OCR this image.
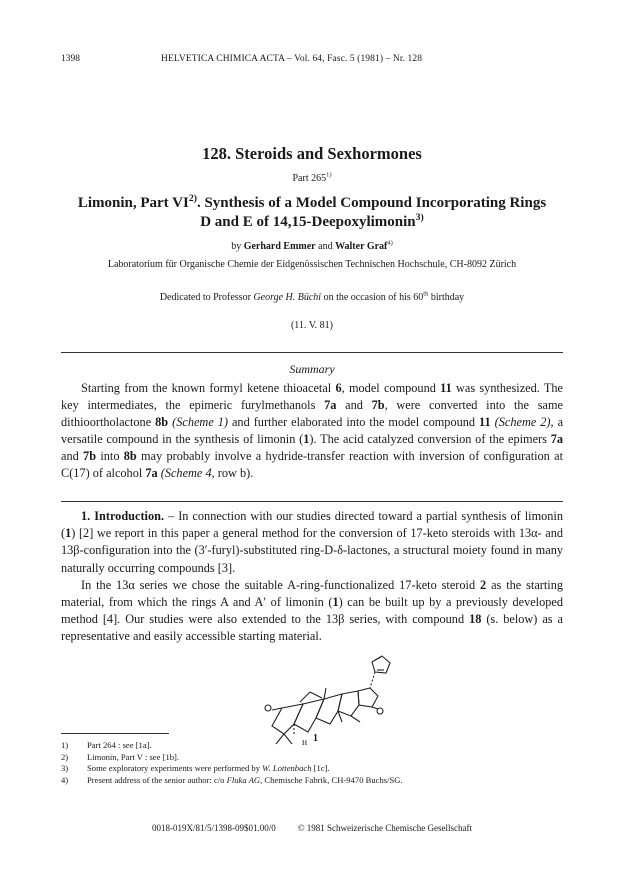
1398	HELVETICA CHIMICA ACTA – Vol. 64, Fasc. 5 (1981) – Nr. 128
128. Steroids and Sexhormones
Part 265$^{1)}$
Limonin, Part VI$^{2)}$. Synthesis of a Model Compound Incorporating Rings
D and E of 14,15-Deepoxylimonin$^{3)}$
by Gerhard Emmer and Walter Graf$^{4)}$
Laboratorium für Organische Chemie der Eidgenössischen Technischen Hochschule, CH-8092 Zürich
Dedicated to Professor George H. Büchi on the occasion of his 60th birthday
(11. V. 81)
Summary
Starting from the known formyl ketene thioacetal 6, model compound 11 was synthesized. The key intermediates, the epimeric furylmethanols 7a and 7b, were converted into the same dithioortholactone 8b (Scheme 1) and further elaborated into the model compound 11 (Scheme 2), a versatile compound in the synthesis of limonin (1). The acid catalyzed conversion of the epimers 7a and 7b into 8b may probably involve a hydride-transfer reaction with inversion of configuration at C(17) of alcohol 7a (Scheme 4, row b).

1. Introduction. – In connection with our studies directed toward a partial synthesis of limonin (1) [2] we report in this paper a general method for the conversion of 17-keto steroids with 13α- and 13β-configuration into the (3′-furyl)-substituted ring-D-δ-lactones, a structural moiety found in many naturally occurring compounds [3].

In the 13α series we chose the suitable A-ring-functionalized 17-keto steroid 2 as the starting material, from which the rings A and A′ of limonin (1) can be built up by a previously developed method [4]. Our studies were also extended to the 13β series, with compound 18 (s. below) as a representative and easily accessible starting material.

H 1
1) Part 264 : see [1a].
2) Limonin, Part V : see [1b].
3) Some exploratory experiments were performed by W. Lottenbach [1c].
4) Present address of the senior author: c/o Fluka AG, Chemische Fabrik, CH-9470 Buchs/SG.
0018-019X/81/5/1398-09$01.00/0 © 1981 Schweizerische Chemische Gesellschaft
